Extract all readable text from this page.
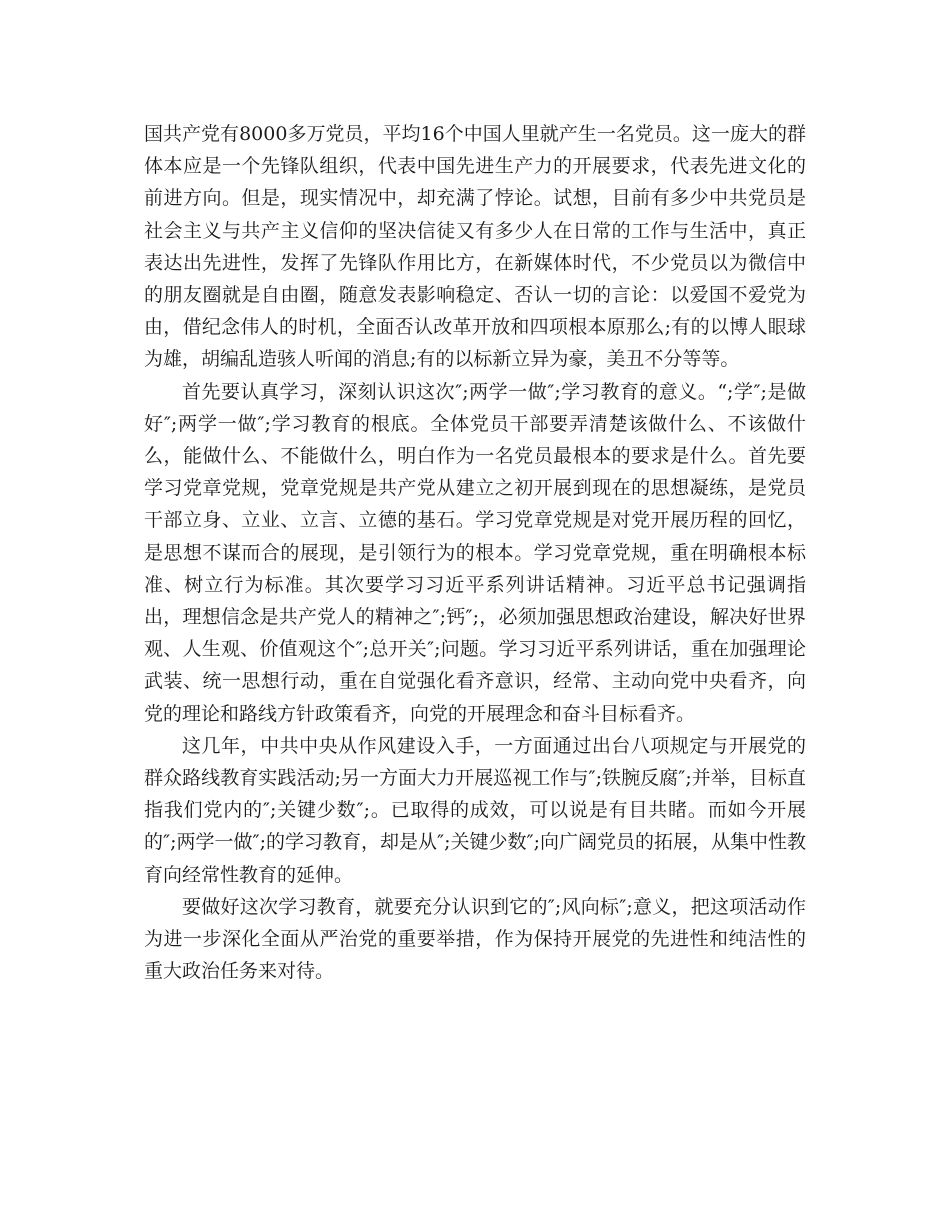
国共产党有8000多万党员，平均16个中国人里就产生一名党员。这一庞大的群体本应是一个先锋队组织，代表中国先进生产力的开展要求，代表先进文化的前进方向。但是，现实情况中，却充满了悖论。试想，目前有多少中共党员是社会主义与共产主义信仰的坚决信徒又有多少人在日常的工作与生活中，真正表达出先进性，发挥了先锋队作用比方，在新媒体时代，不少党员以为微信中的朋友圈就是自由圈，随意发表影响稳定、否认一切的言论：以爱国不爱党为由，借纪念伟人的时机，全面否认改革开放和四项根本原那么;有的以博人眼球为雄，胡编乱造骇人听闻的消息;有的以标新立异为豪，美丑不分等等。

首先要认真学习，深刻认识这次″;两学一做″;学习教育的意义。“;学″;是做好″;两学一做″;学习教育的根底。全体党员干部要弄清楚该做什么、不该做什么，能做什么、不能做什么，明白作为一名党员最根本的要求是什么。首先要学习党章党规，党章党规是共产党从建立之初开展到现在的思想凝练，是党员干部立身、立业、立言、立德的基石。学习党章党规是对党开展历程的回忆，是思想不谋而合的展现，是引领行为的根本。学习党章党规，重在明确根本标准、树立行为标准。其次要学习习近平系列讲话精神。习近平总书记强调指出，理想信念是共产党人的精神之″;钙″;，必须加强思想政治建设，解决好世界观、人生观、价值观这个″;总开关″;问题。学习习近平系列讲话，重在加强理论武装、统一思想行动，重在自觉强化看齐意识，经常、主动向党中央看齐，向党的理论和路线方针政策看齐，向党的开展理念和奋斗目标看齐。

这几年，中共中央从作风建设入手，一方面通过出台八项规定与开展党的群众路线教育实践活动;另一方面大力开展巡视工作与″;铁腕反腐″;并举，目标直指我们党内的″;关键少数″;。已取得的成效，可以说是有目共睹。而如今开展的″;两学一做″;的学习教育，却是从″;关键少数″;向广阔党员的拓展，从集中性教育向经常性教育的延伸。

要做好这次学习教育，就要充分认识到它的″;风向标″;意义，把这项活动作为进一步深化全面从严治党的重要举措，作为保持开展党的先进性和纯洁性的重大政治任务来对待。
